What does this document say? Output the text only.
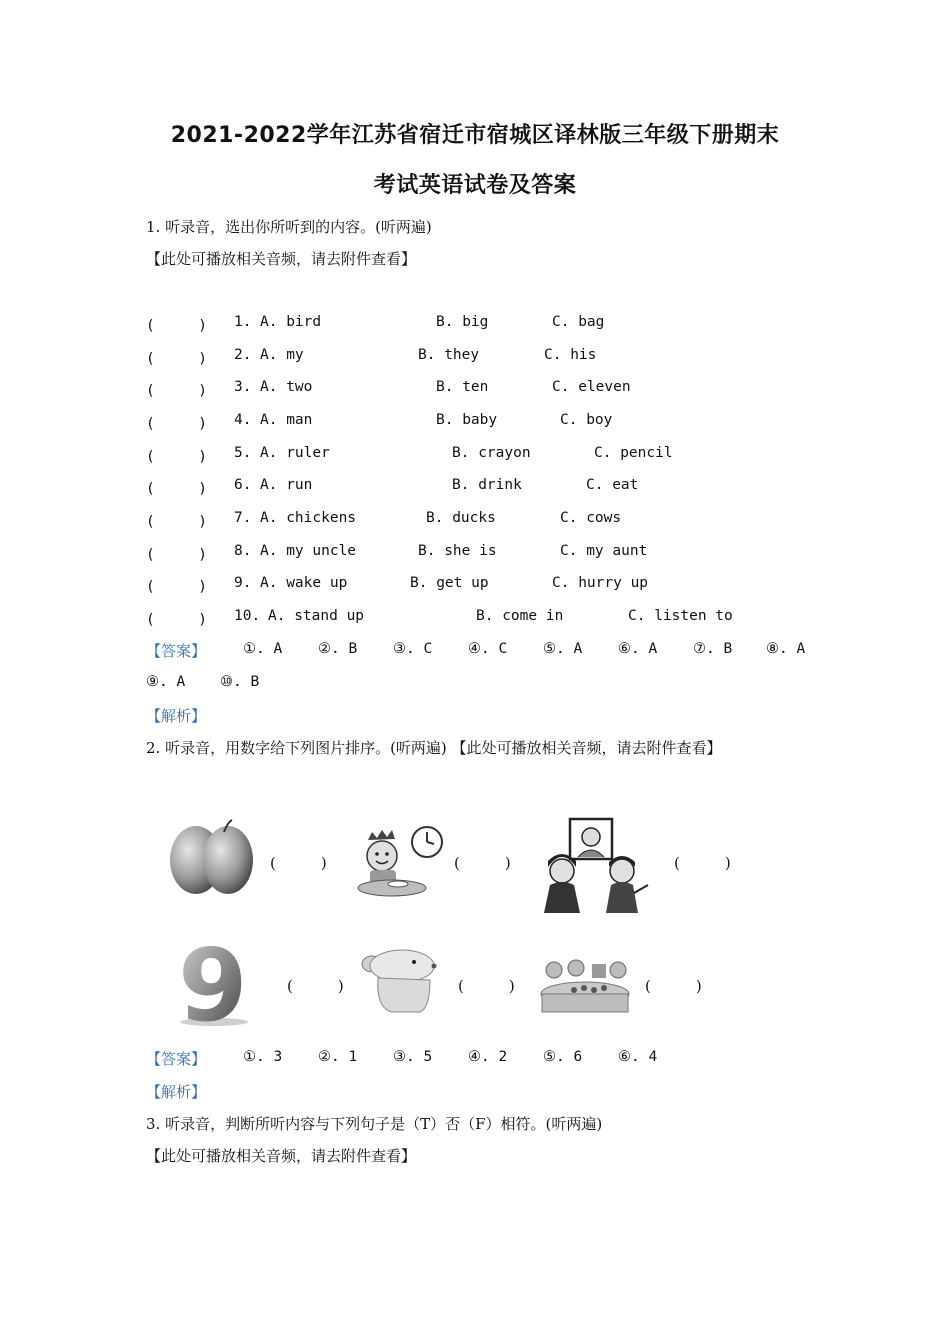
2021-2022学年江苏省宿迁市宿城区译林版三年级下册期末
考试英语试卷及答案
1. 听录音，选出你所听到的内容。(听两遍)
【此处可播放相关音频，请去附件查看】
(　　　) 1. A. bird	B. big	C. bag
(　　　) 2. A. my	B. they	C. his
(　　　) 3. A. two	B. ten	C. eleven
(　　　) 4. A. man	B. baby	C. boy
(　　　) 5. A. ruler	B. crayon	C. pencil
(　　　) 6. A. run	B. drink	C. eat
(　　　) 7. A. chickens	B. ducks	C. cows
(　　　) 8. A. my uncle	B. she is	C. my aunt
(　　　) 9. A. wake up	B. get up	C. hurry up
(　　　) 10. A. stand up	B. come in	C. listen to
【答案】	①. A ②. B ③. C ④. C ⑤. A ⑥. A ⑦. B ⑧. A
⑨. A ⑩. B
【解析】
2. 听录音，用数字给下列图片排序。(听两遍) 【此处可播放相关音频，请去附件查看】
(　　　)	(　　　)	(　　　)
9	(　　　)	(　　　)	(　　　)
【答案】	①. 3 ②. 1 ③. 5 ④. 2 ⑤. 6 ⑥. 4
【解析】
3. 听录音，判断所听内容与下列句子是（T）否（F）相符。(听两遍)
【此处可播放相关音频，请去附件查看】
